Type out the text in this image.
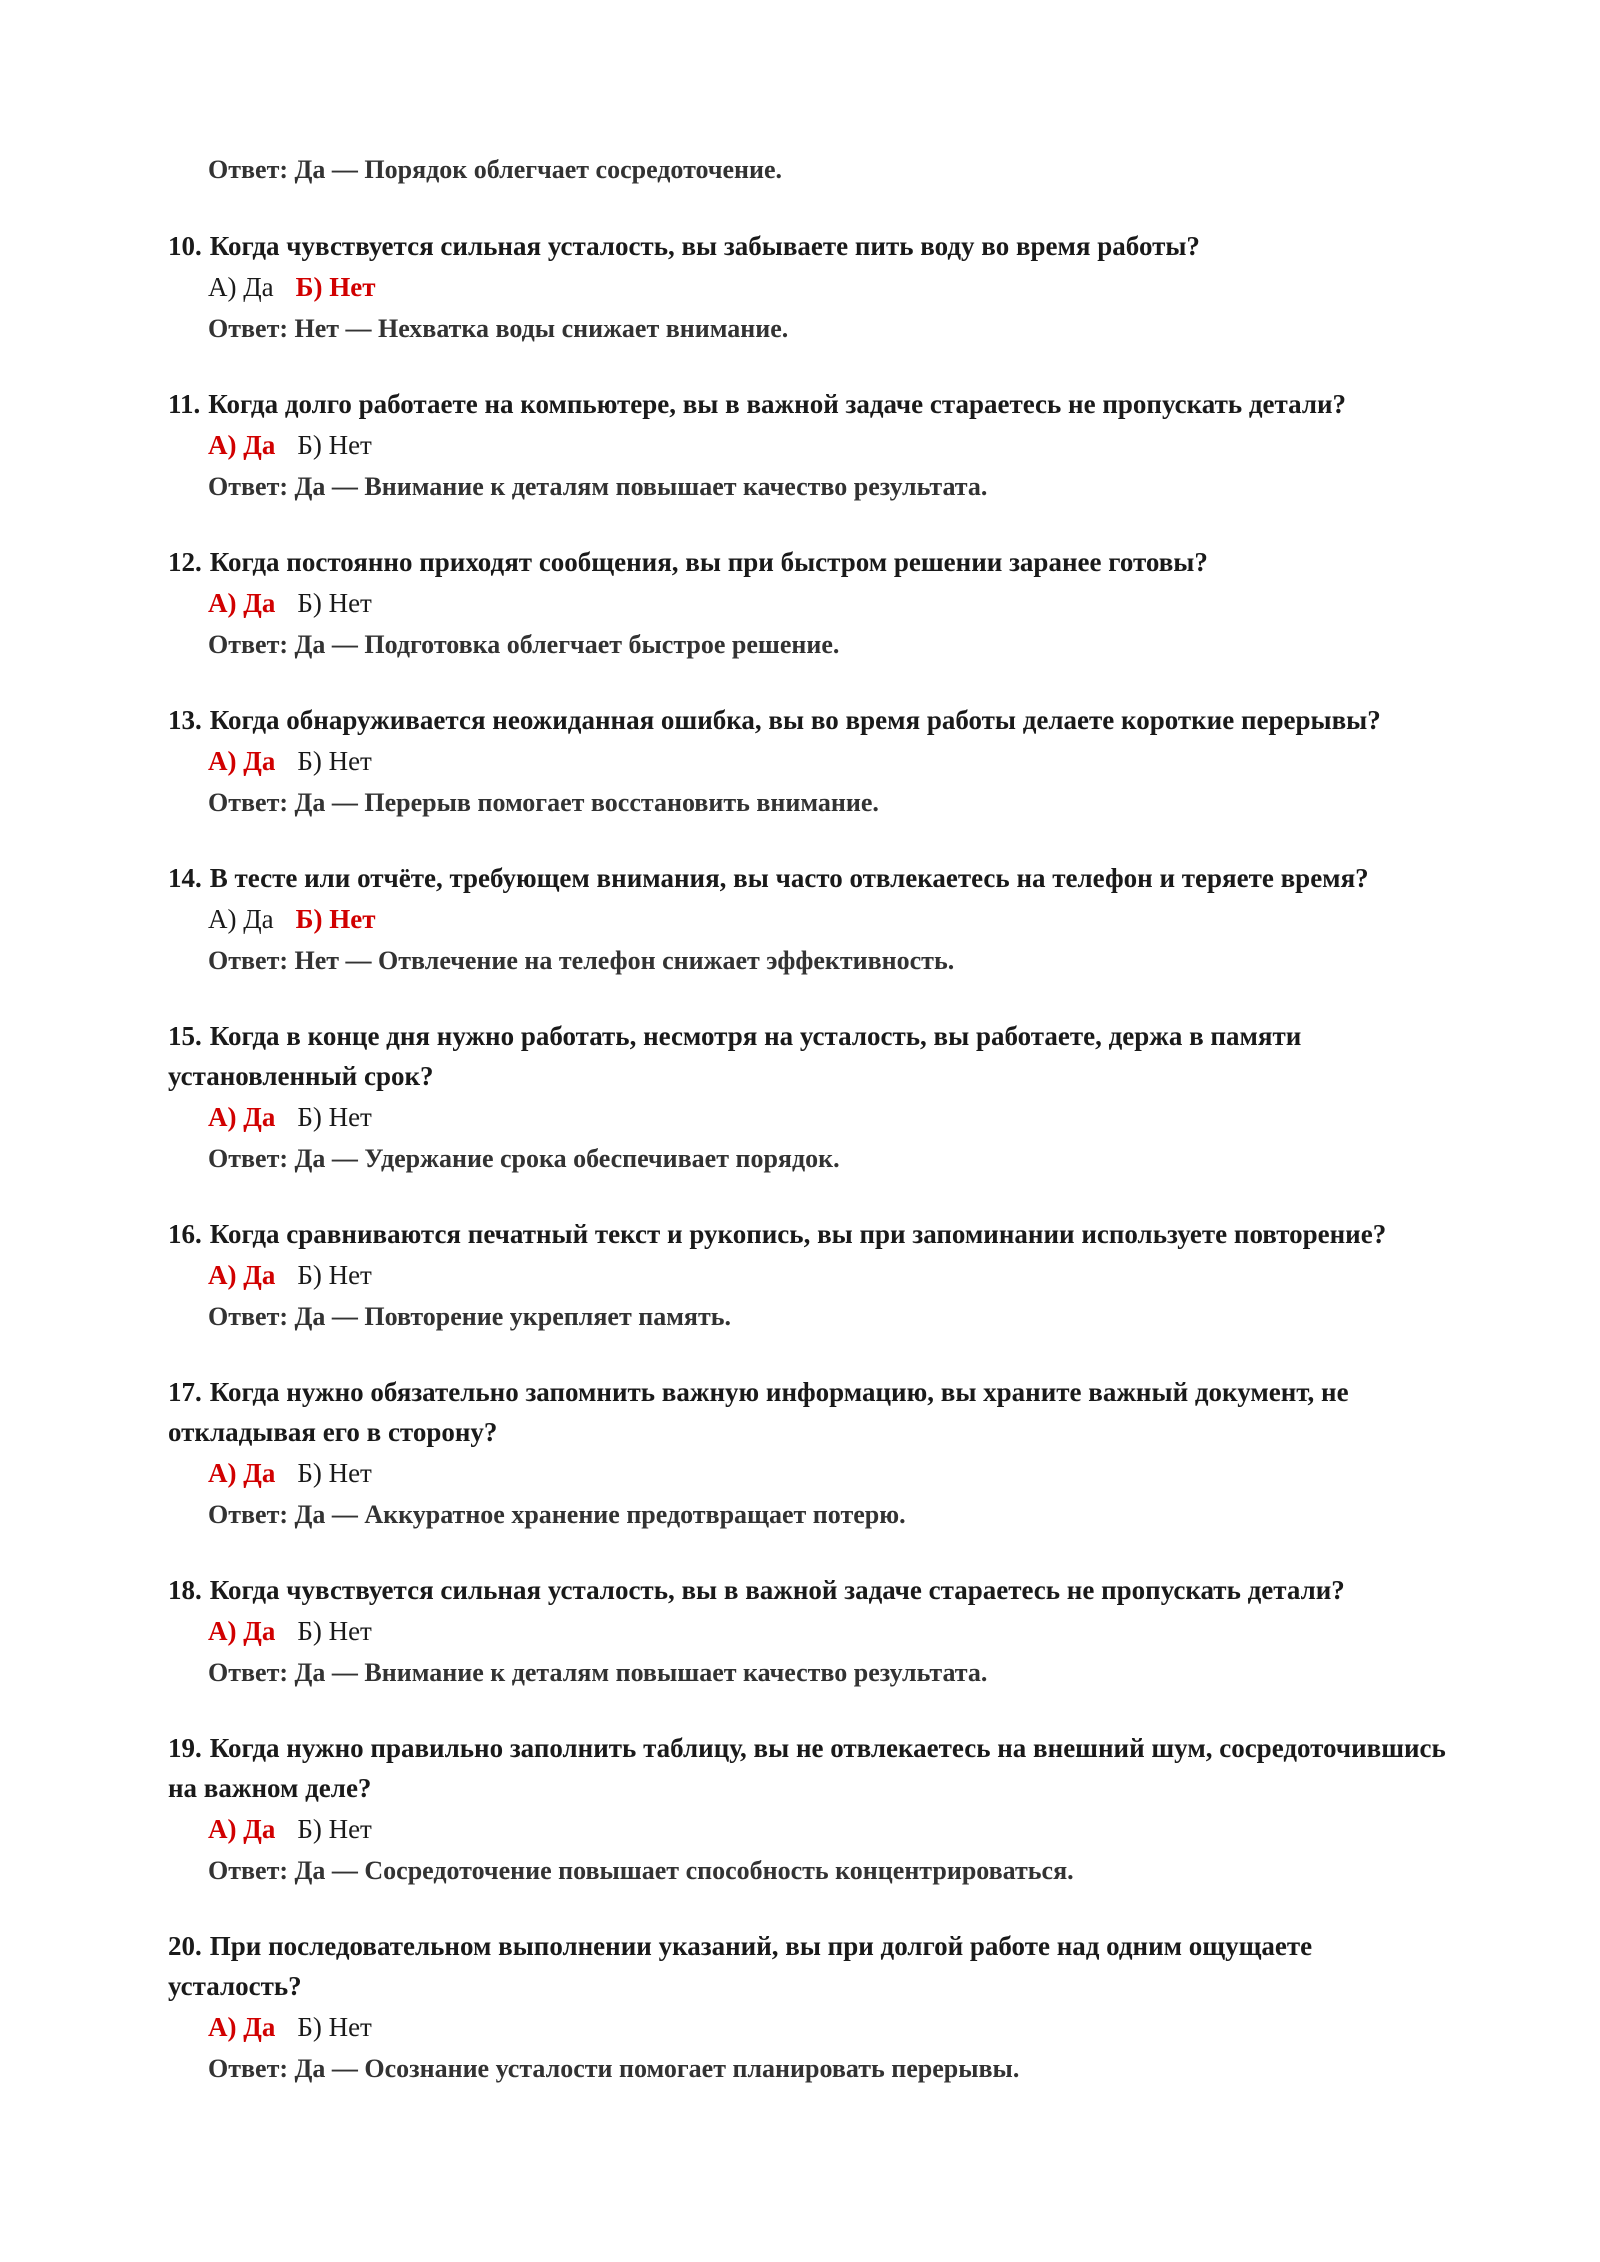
Ответ: Да — Порядок облегчает сосредоточение.
10. Когда чувствуется сильная усталость, вы забываете пить воду во время работы?
А) Да Б) Нет
Ответ: Нет — Нехватка воды снижает внимание.
11. Когда долго работаете на компьютере, вы в важной задаче стараетесь не пропускать детали?
А) Да Б) Нет
Ответ: Да — Внимание к деталям повышает качество результата.
12. Когда постоянно приходят сообщения, вы при быстром решении заранее готовы?
А) Да Б) Нет
Ответ: Да — Подготовка облегчает быстрое решение.
13. Когда обнаруживается неожиданная ошибка, вы во время работы делаете короткие перерывы?
А) Да Б) Нет
Ответ: Да — Перерыв помогает восстановить внимание.
14. В тесте или отчёте, требующем внимания, вы часто отвлекаетесь на телефон и теряете время?
А) Да Б) Нет
Ответ: Нет — Отвлечение на телефон снижает эффективность.
15. Когда в конце дня нужно работать, несмотря на усталость, вы работаете, держа в памяти установленный срок?
А) Да Б) Нет
Ответ: Да — Удержание срока обеспечивает порядок.
16. Когда сравниваются печатный текст и рукопись, вы при запоминании используете повторение?
А) Да Б) Нет
Ответ: Да — Повторение укрепляет память.
17. Когда нужно обязательно запомнить важную информацию, вы храните важный документ, не откладывая его в сторону?
А) Да Б) Нет
Ответ: Да — Аккуратное хранение предотвращает потерю.
18. Когда чувствуется сильная усталость, вы в важной задаче стараетесь не пропускать детали?
А) Да Б) Нет
Ответ: Да — Внимание к деталям повышает качество результата.
19. Когда нужно правильно заполнить таблицу, вы не отвлекаетесь на внешний шум, сосредоточившись на важном деле?
А) Да Б) Нет
Ответ: Да — Сосредоточение повышает способность концентрироваться.
20. При последовательном выполнении указаний, вы при долгой работе над одним ощущаете усталость?
А) Да Б) Нет
Ответ: Да — Осознание усталости помогает планировать перерывы.
